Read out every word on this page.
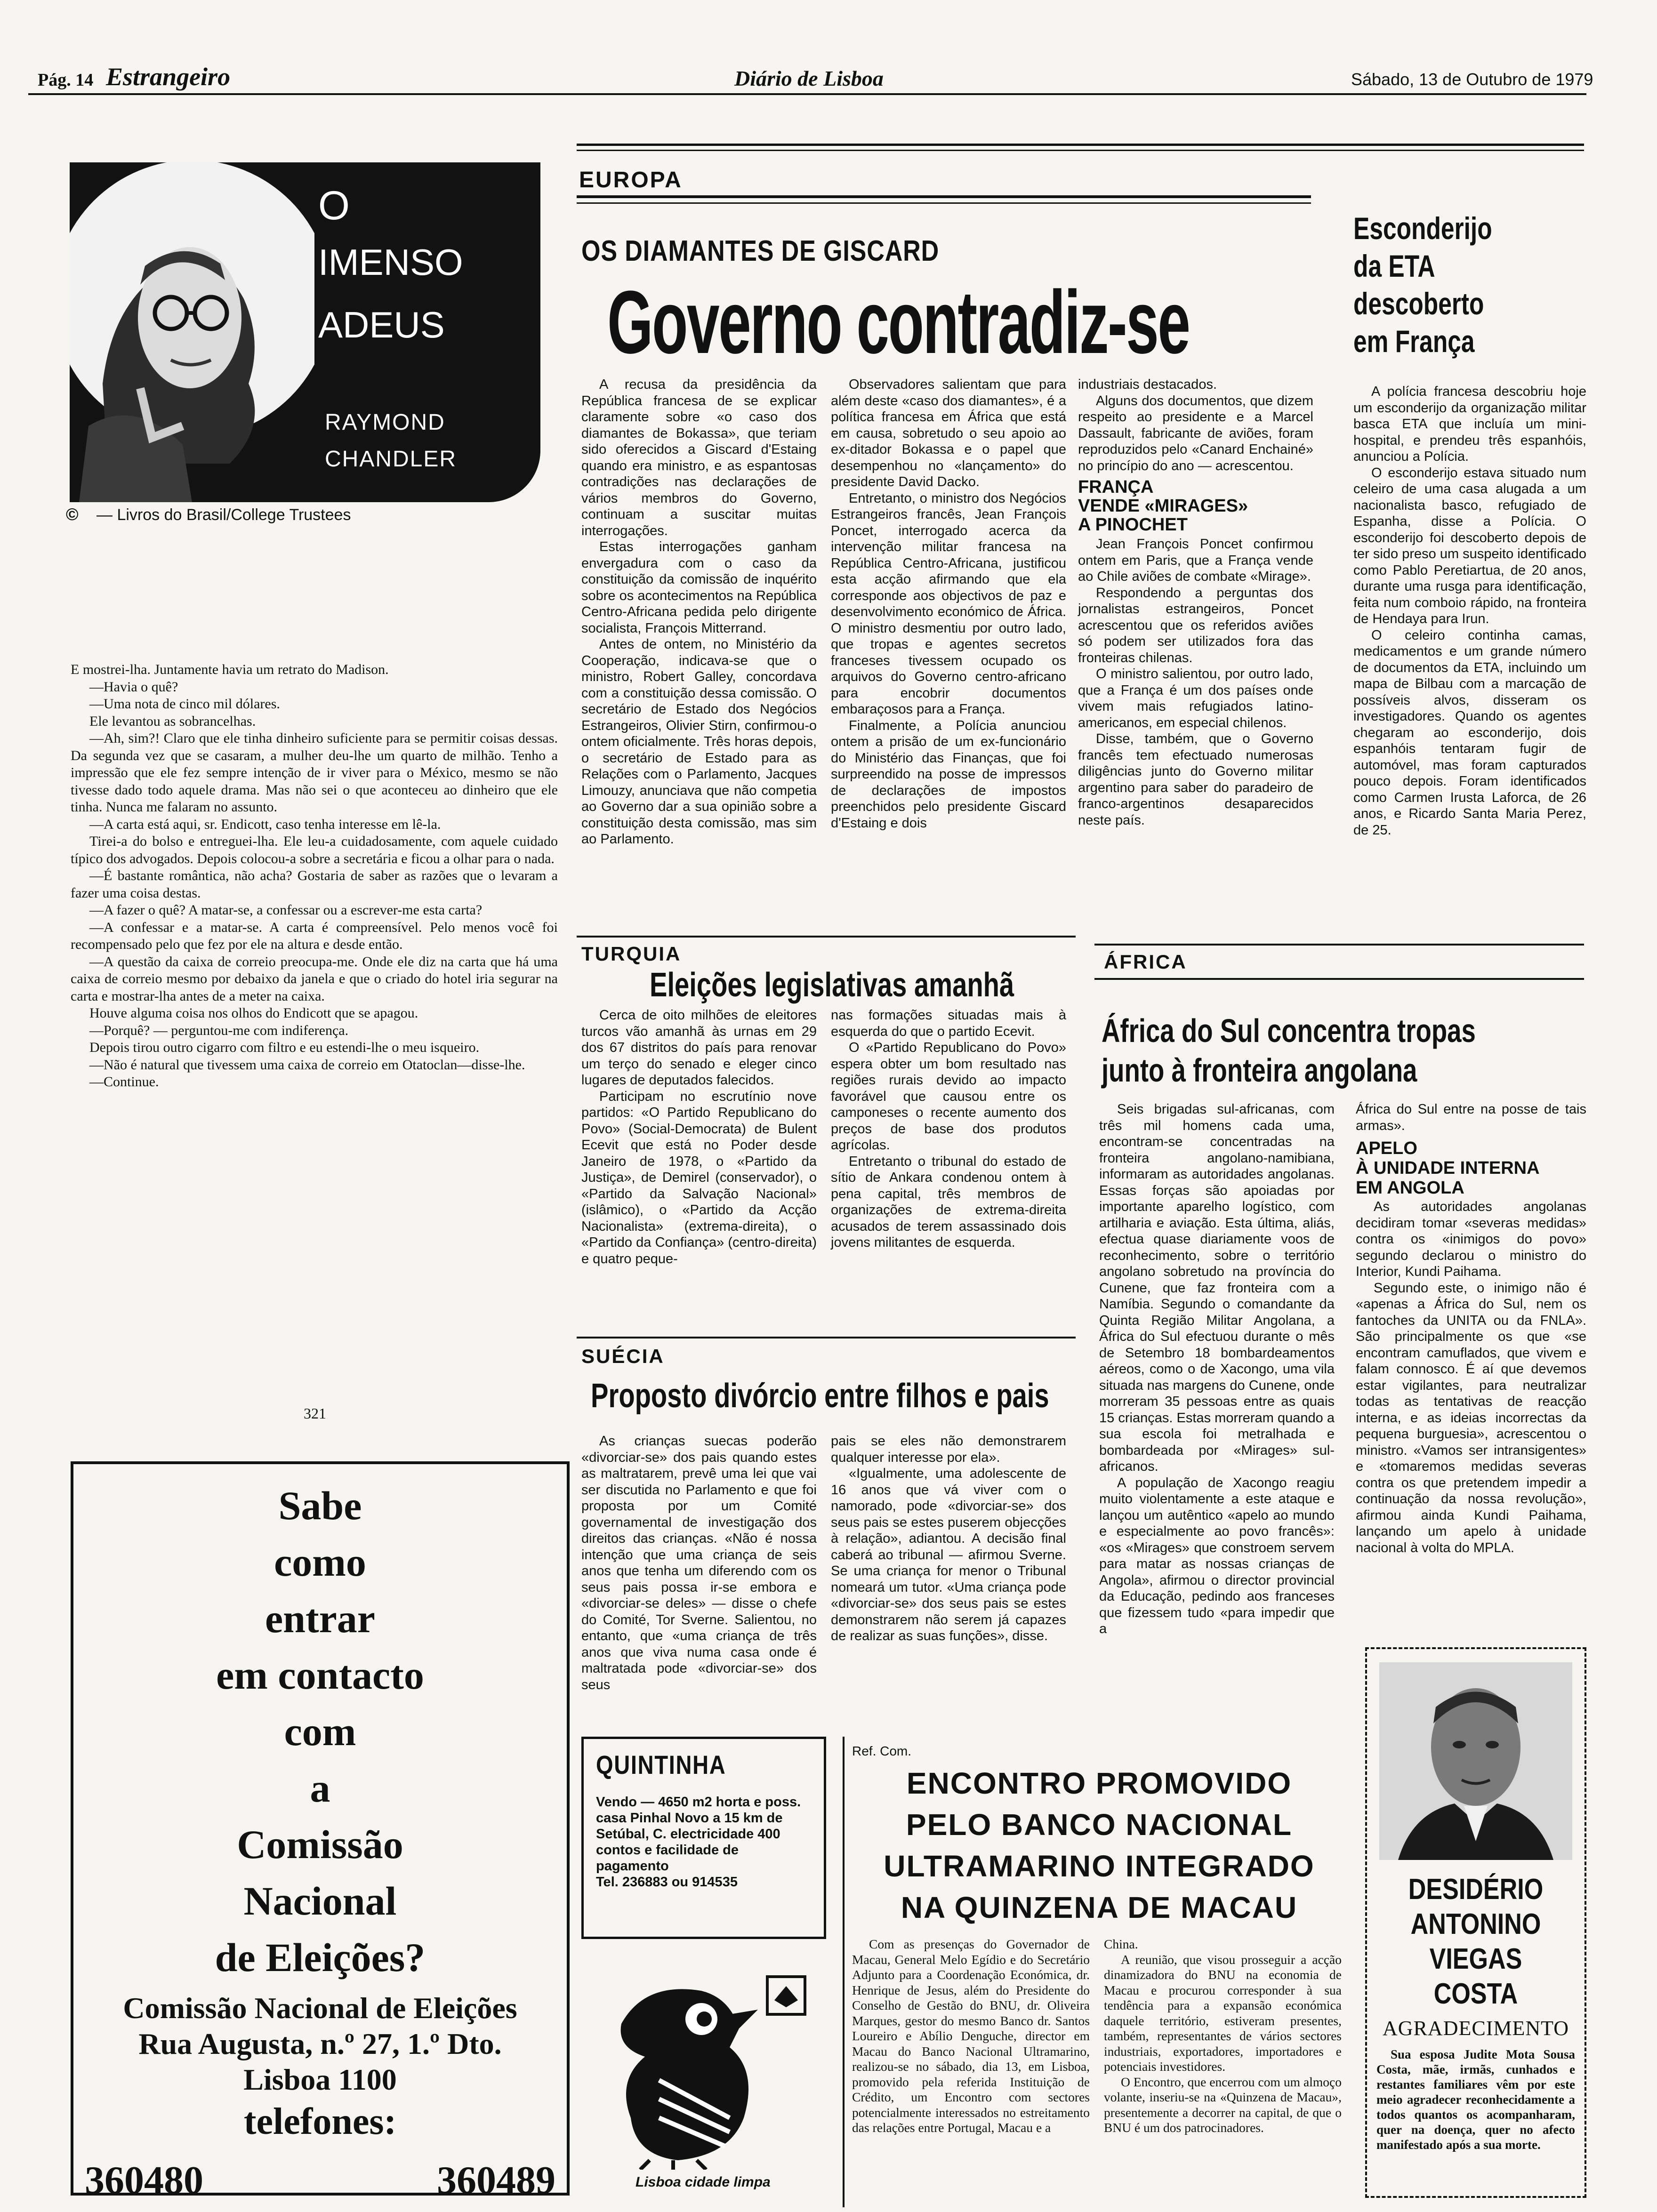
Pág. 14 Estrangeiro	Diário de Lisboa	Sábado, 13 de Outubro de 1979
O
IMENSO
ADEUS
RAYMOND
CHANDLER
© — Livros do Brasil/College Trustees

E mostrei-lha. Juntamente havia um retrato do Madison.

—Havia o quê?

—Uma nota de cinco mil dólares.

Ele levantou as sobrancelhas.

—Ah, sim?! Claro que ele tinha dinheiro suficiente para se permitir coisas dessas. Da segunda vez que se casaram, a mulher deu-lhe um quarto de milhão. Tenho a impressão que ele fez sempre intenção de ir viver para o México, mesmo se não tivesse dado todo aquele drama. Mas não sei o que aconteceu ao dinheiro que ele tinha. Nunca me falaram no assunto.

—A carta está aqui, sr. Endicott, caso tenha interesse em lê-la.

Tirei-a do bolso e entreguei-lha. Ele leu-a cuidadosamente, com aquele cuidado típico dos advogados. Depois colocou-a sobre a secretária e ficou a olhar para o nada.

—É bastante romântica, não acha? Gostaria de saber as razões que o levaram a fazer uma coisa destas.

—A fazer o quê? A matar-se, a confessar ou a escrever-me esta carta?

—A confessar e a matar-se. A carta é compreensível. Pelo menos você foi recompensado pelo que fez por ele na altura e desde então.

—A questão da caixa de correio preocupa-me. Onde ele diz na carta que há uma caixa de correio mesmo por debaixo da janela e que o criado do hotel iria segurar na carta e mostrar-lha antes de a meter na caixa.

Houve alguma coisa nos olhos do Endicott que se apagou.

—Porquê? — perguntou-me com indiferença.

Depois tirou outro cigarro com filtro e eu estendi-lhe o meu isqueiro.

—Não é natural que tivessem uma caixa de correio em Otatoclan—disse-lhe.

—Continue.

321
Sabe
como
entrar
em contacto
com
a
Comissão
Nacional
de Eleições?
Comissão Nacional de Eleições
Rua Augusta, n.º 27, 1.º Dto.
Lisboa 1100
telefones:
360480	360489
EUROPA
OS DIAMANTES DE GISCARD
Governo contradiz-se

A recusa da presidência da República francesa de se explicar claramente sobre «o caso dos diamantes de Bokassa», que teriam sido oferecidos a Giscard d'Estaing quando era ministro, e as espantosas contradições nas declarações de vários membros do Governo, continuam a suscitar muitas interrogações.

Estas interrogações ganham envergadura com o caso da constituição da comissão de inquérito sobre os acontecimentos na República Centro-Africana pedida pelo dirigente socialista, François Mitterrand.

Antes de ontem, no Ministério da Cooperação, indicava-se que o ministro, Robert Galley, concordava com a constituição dessa comissão. O secretário de Estado dos Negócios Estrangeiros, Olivier Stirn, confirmou-o ontem oficialmente. Três horas depois, o secretário de Estado para as Relações com o Parlamento, Jacques Limouzy, anunciava que não competia ao Governo dar a sua opinião sobre a constituição desta comissão, mas sim ao Parlamento.

Observadores salientam que para além deste «caso dos diamantes», é a política francesa em África que está em causa, sobretudo o seu apoio ao ex-ditador Bokassa e o papel que desempenhou no «lançamento» do presidente David Dacko.

Entretanto, o ministro dos Negócios Estrangeiros francês, Jean François Poncet, interrogado acerca da intervenção militar francesa na República Centro-Africana, justificou esta acção afirmando que ela corresponde aos objectivos de paz e desenvolvimento económico de África. O ministro desmentiu por outro lado, que tropas e agentes secretos franceses tivessem ocupado os arquivos do Governo centro-africano para encobrir documentos embaraçosos para a França.

Finalmente, a Polícia anunciou ontem a prisão de um ex-funcionário do Ministério das Finanças, que foi surpreendido na posse de impressos de declarações de impostos preenchidos pelo presidente Giscard d'Estaing e dois

industriais destacados.

Alguns dos documentos, que dizem respeito ao presidente e a Marcel Dassault, fabricante de aviões, foram reproduzidos pelo «Canard Enchainé» no princípio do ano — acrescentou.

FRANÇA
VENDE «MIRAGES»
A PINOCHET

Jean François Poncet confirmou ontem em Paris, que a França vende ao Chile aviões de combate «Mirage».

Respondendo a perguntas dos jornalistas estrangeiros, Poncet acrescentou que os referidos aviões só podem ser utilizados fora das fronteiras chilenas.

O ministro salientou, por outro lado, que a França é um dos países onde vivem mais refugiados latino-americanos, em especial chilenos.

Disse, também, que o Governo francês tem efectuado numerosas diligências junto do Governo militar argentino para saber do paradeiro de franco-argentinos desaparecidos neste país.

Esconderijo
da ETA
descoberto
em França

A polícia francesa descobriu hoje um esconderijo da organização militar basca ETA que incluía um mini-hospital, e prendeu três espanhóis, anunciou a Polícia.

O esconderijo estava situado num celeiro de uma casa alugada a um nacionalista basco, refugiado de Espanha, disse a Polícia. O esconderijo foi descoberto depois de ter sido preso um suspeito identificado como Pablo Peretiartua, de 20 anos, durante uma rusga para identificação, feita num comboio rápido, na fronteira de Hendaya para Irun.

O celeiro continha camas, medicamentos e um grande número de documentos da ETA, incluindo um mapa de Bilbau com a marcação de possíveis alvos, disseram os investigadores. Quando os agentes chegaram ao esconderijo, dois espanhóis tentaram fugir de automóvel, mas foram capturados pouco depois. Foram identificados como Carmen Irusta Laforca, de 26 anos, e Ricardo Santa Maria Perez, de 25.

TURQUIA
Eleições legislativas amanhã

Cerca de oito milhões de eleitores turcos vão amanhã às urnas em 29 dos 67 distritos do país para renovar um terço do senado e eleger cinco lugares de deputados falecidos.

Participam no escrutínio nove partidos: «O Partido Republicano do Povo» (Social-Democrata) de Bulent Ecevit que está no Poder desde Janeiro de 1978, o «Partido da Justiça», de Demirel (conservador), o «Partido da Salvação Nacional» (islâmico), o «Partido da Acção Nacionalista» (extrema-direita), o «Partido da Confiança» (centro-direita) e quatro peque-

nas formações situadas mais à esquerda do que o partido Ecevit.

O «Partido Republicano do Povo» espera obter um bom resultado nas regiões rurais devido ao impacto favorável que causou entre os camponeses o recente aumento dos preços de base dos produtos agrícolas.

Entretanto o tribunal do estado de sítio de Ankara condenou ontem à pena capital, três membros de organizações de extrema-direita acusados de terem assassinado dois jovens militantes de esquerda.

SUÉCIA
Proposto divórcio entre filhos e pais

As crianças suecas poderão «divorciar-se» dos pais quando estes as maltratarem, prevê uma lei que vai ser discutida no Parlamento e que foi proposta por um Comité governamental de investigação dos direitos das crianças. «Não é nossa intenção que uma criança de seis anos que tenha um diferendo com os seus pais possa ir-se embora e «divorciar-se deles» — disse o chefe do Comité, Tor Sverne. Salientou, no entanto, que «uma criança de três anos que viva numa casa onde é maltratada pode «divorciar-se» dos seus

pais se eles não demonstrarem qualquer interesse por ela».

«Igualmente, uma adolescente de 16 anos que vá viver com o namorado, pode «divorciar-se» dos seus pais se estes puserem objecções à relação», adiantou. A decisão final caberá ao tribunal — afirmou Sverne. Se uma criança for menor o Tribunal nomeará um tutor. «Uma criança pode «divorciar-se» dos seus pais se estes demonstrarem não serem já capazes de realizar as suas funções», disse.

ÁFRICA
África do Sul concentra tropas
junto à fronteira angolana

Seis brigadas sul-africanas, com três mil homens cada uma, encontram-se concentradas na fronteira angolano-namibiana, informaram as autoridades angolanas. Essas forças são apoiadas por importante aparelho logístico, com artilharia e aviação. Esta última, aliás, efectua quase diariamente voos de reconhecimento, sobre o território angolano sobretudo na província do Cunene, que faz fronteira com a Namíbia. Segundo o comandante da Quinta Região Militar Angolana, a África do Sul efectuou durante o mês de Setembro 18 bombardeamentos aéreos, como o de Xacongo, uma vila situada nas margens do Cunene, onde morreram 35 pessoas entre as quais 15 crianças. Estas morreram quando a sua escola foi metralhada e bombardeada por «Mirages» sul-africanos.

A população de Xacongo reagiu muito violentamente a este ataque e lançou um autêntico «apelo ao mundo e especialmente ao povo francês»: «os «Mirages» que constroem servem para matar as nossas crianças de Angola», afirmou o director provincial da Educação, pedindo aos franceses que fizessem tudo «para impedir que a

África do Sul entre na posse de tais armas».

APELO
À UNIDADE INTERNA
EM ANGOLA

As autoridades angolanas decidiram tomar «severas medidas» contra os «inimigos do povo» segundo declarou o ministro do Interior, Kundi Paihama.

Segundo este, o inimigo não é «apenas a África do Sul, nem os fantoches da UNITA ou da FNLA». São principalmente os que «se encontram camuflados, que vivem e falam connosco. É aí que devemos estar vigilantes, para neutralizar todas as tentativas de reacção interna, e as ideias incorrectas da pequena burguesia», acrescentou o ministro. «Vamos ser intransigentes» e «tomaremos medidas severas contra os que pretendem impedir a continuação da nossa revolução», afirmou ainda Kundi Paihama, lançando um apelo à unidade nacional à volta do MPLA.

QUINTINHA
Vendo — 4650 m2 horta e poss. casa Pinhal Novo a 15 km de Setúbal, C. electricidade 400 contos e facilidade de pagamento
Tel. 236883 ou 914535
Lisboa cidade limpa
Ref. Com.
ENCONTRO PROMOVIDO
PELO BANCO NACIONAL
ULTRAMARINO INTEGRADO
NA QUINZENA DE MACAU
Com as presenças do Governador de Macau, General Melo Egídio e do Secretário Adjunto para a Coordenação Económica, dr. Henrique de Jesus, além do Presidente do Conselho de Gestão do BNU, dr. Oliveira Marques, gestor do mesmo Banco dr. Santos Loureiro e Abílio Denguche, director em Macau do Banco Nacional Ultramarino, realizou-se no sábado, dia 13, em Lisboa, promovido pela referida Instituição de Crédito, um Encontro com sectores potencialmente interessados no estreitamento das relações entre Portugal, Macau e a

China.

A reunião, que visou prosseguir a acção dinamizadora do BNU na economia de Macau e procurou corresponder à sua tendência para a expansão económica daquele território, estiveram presentes, também, representantes de vários sectores industriais, exportadores, importadores e potenciais investidores.

O Encontro, que encerrou com um almoço volante, inseriu-se na «Quinzena de Macau», presentemente a decorrer na capital, de que o BNU é um dos patrocinadores.

DESIDÉRIO
ANTONINO
VIEGAS COSTA
AGRADECIMENTO
Sua esposa Judite Mota Sousa Costa, mãe, irmãs, cunhados e restantes familiares vêm por este meio agradecer reconhecidamente a todos quantos os acompanharam, quer na doença, quer no afecto manifestado após a sua morte.
